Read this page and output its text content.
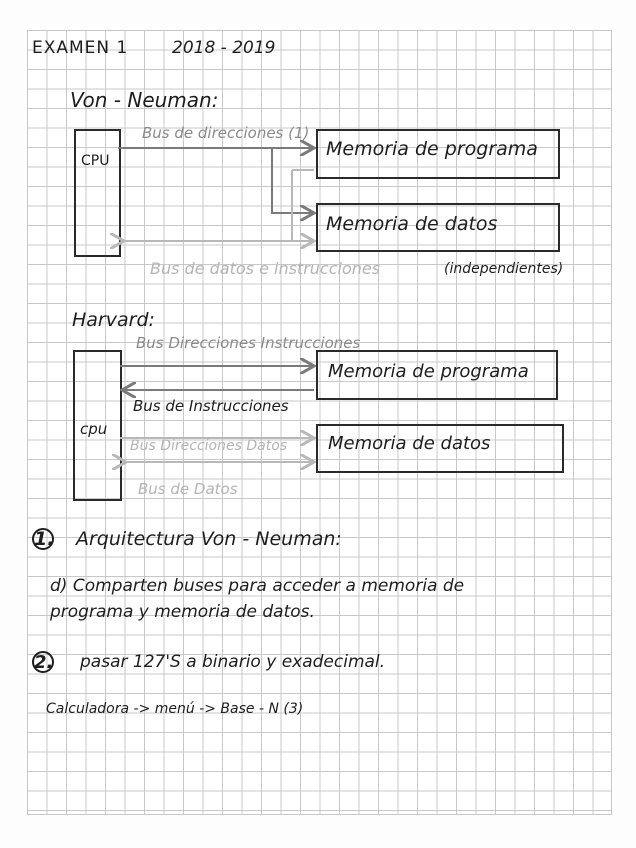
EXAMEN 1	2018 - 2019
Von - Neuman:
CPU
Bus de direcciones (1)
Memoria de programa
Memoria de datos
Bus de datos e instrucciones	(independientes)
Harvard:
cpu
Bus Direcciones Instrucciones
Memoria de programa
Bus de Instrucciones
Bus Direcciones Datos Memoria de datos
Bus de Datos
1. Arquitectura Von - Neuman:
d) Comparten buses para acceder a memoria de
programa y memoria de datos.
2. pasar 127'S a binario y exadecimal.
Calculadora -> menú -> Base - N (3)
